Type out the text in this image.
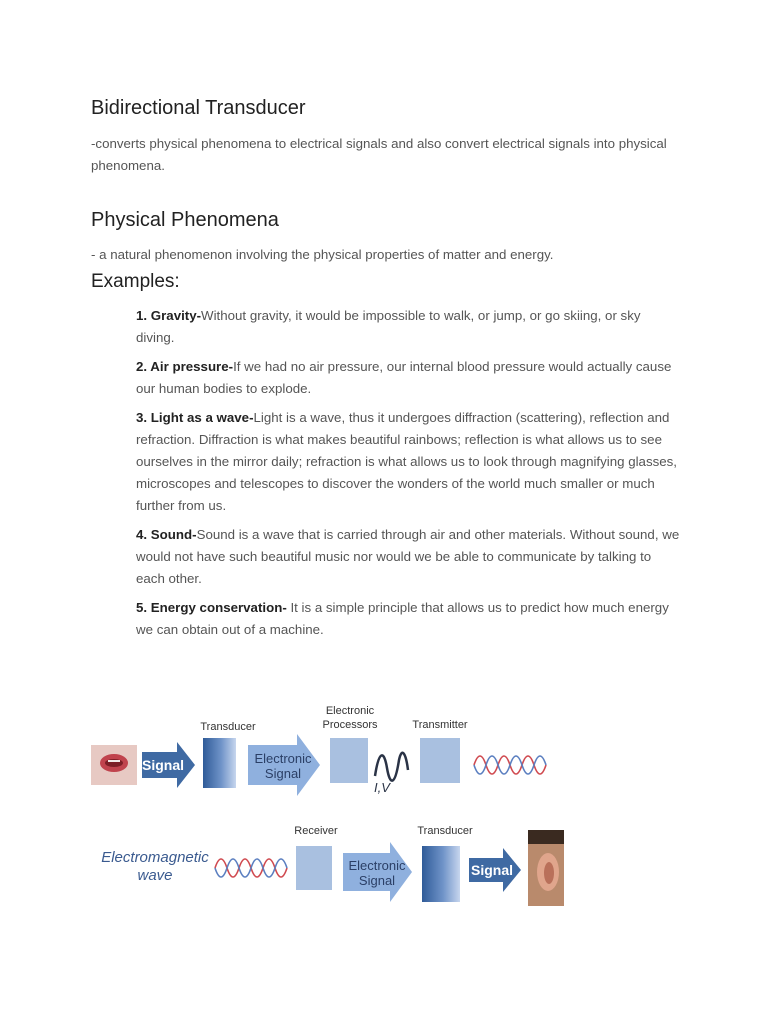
Bidirectional Transducer
-converts physical phenomena to electrical signals and also convert electrical signals into physical phenomena.
Physical Phenomena
- a natural phenomenon involving the physical properties of matter and energy.
Examples:
1. Gravity-Without gravity, it would be impossible to walk, or jump, or go skiing, or sky diving.
2. Air pressure-If we had no air pressure, our internal blood pressure would actually cause our human bodies to explode.
3. Light as a wave-Light is a wave, thus it undergoes diffraction (scattering), reflection and refraction. Diffraction is what makes beautiful rainbows; reflection is what allows us to see ourselves in the mirror daily; refraction is what allows us to look through magnifying glasses, microscopes and telescopes to discover the wonders of the world much smaller or much further from us.
4. Sound-Sound is a wave that is carried through air and other materials. Without sound, we would not have such beautiful music nor would we be able to communicate by talking to each other.
5. Energy conservation- It is a simple principle that allows us to predict how much energy we can obtain out of a machine.
Signal
Transducer
Electronic
Signal
Electronic
Processors
I,V
Transmitter
Electromagnetic
wave
Receiver
Electronic
Signal
Transducer
Signal
